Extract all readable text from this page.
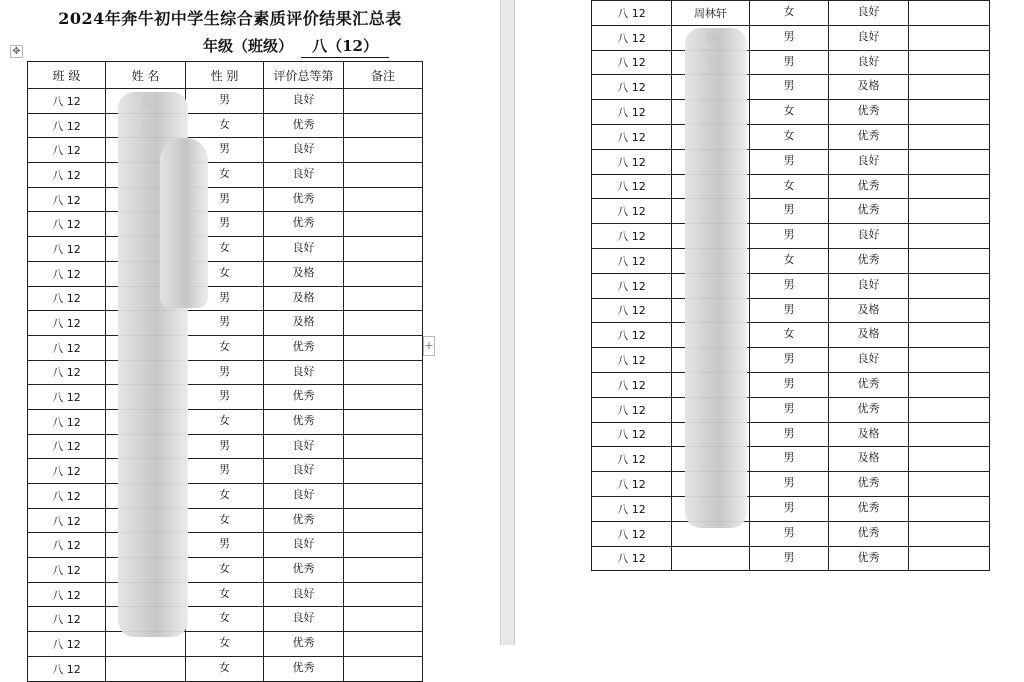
2024年奔牛初中学生综合素质评价结果汇总表
年级（班级） 八（12）
✥
+
班 级	姓 名	性 别	评价总等第	备注
八 12		男	良好	
八 12		女	优秀	
八 12		男	良好	
八 12		女	良好	
八 12		男	优秀	
八 12		男	优秀	
八 12		女	良好	
八 12		女	及格	
八 12		男	及格	
八 12		男	及格	
八 12		女	优秀	
八 12		男	良好	
八 12		男	优秀	
八 12		女	优秀	
八 12		男	良好	
八 12		男	良好	
八 12		女	良好	
八 12		女	优秀	
八 12		男	良好	
八 12		女	优秀	
八 12		女	良好	
八 12		女	良好	
八 12		女	优秀	
八 12		女	优秀	
八 12	周林轩	女	良好	
八 12		男	良好	
八 12		男	良好	
八 12		男	及格	
八 12		女	优秀	
八 12		女	优秀	
八 12		男	良好	
八 12		女	优秀	
八 12		男	优秀	
八 12		男	良好	
八 12		女	优秀	
八 12		男	良好	
八 12		男	及格	
八 12		女	及格	
八 12		男	良好	
八 12		男	优秀	
八 12		男	优秀	
八 12		男	及格	
八 12		男	及格	
八 12		男	优秀	
八 12		男	优秀	
八 12		男	优秀	
八 12		男	优秀	
